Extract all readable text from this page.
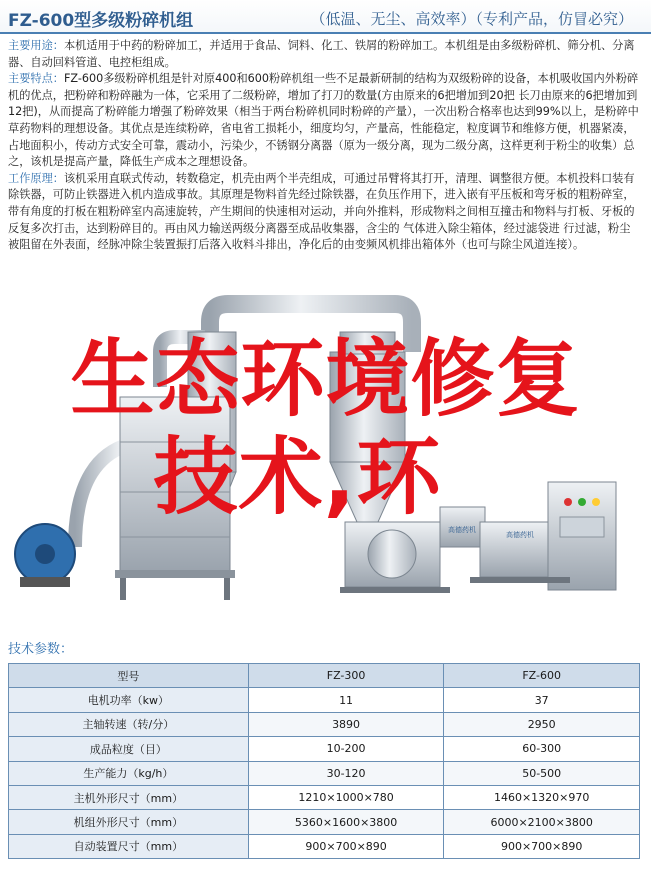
FZ-600型多级粉碎机组	（低温、无尘、高效率）（专利产品，仿冒必究）

主要用途：本机适用于中药的粉碎加工，并适用于食品、饲料、化工、铁屑的粉碎加工。本机组是由多级粉碎机、筛分机、分离器、自动回料管道、电控柜组成。

主要特点：FZ-600多级粉碎机组是针对原400和600粉碎机组一些不足最新研制的结构为双级粉碎的设备，本机吸收国内外粉碎机的优点，把粉碎和粉碎融为一体，它采用了二级粉碎，增加了打刀的数量(方由原来的6把增加到20把 长刀由原来的6把增加到12把)，从而提高了粉碎能力增强了粉碎效果（相当于两台粉碎机同时粉碎的产量），一次出粉合格率也达到99%以上，是粉碎中草药物料的理想设备。其优点是连续粉碎，省电省工损耗小，细度均匀，产量高，性能稳定，粒度调节和维修方便，机器紧凑，占地面积小，传动方式安全可靠，震动小，污染少，不锈钢分离器（原为一级分离，现为二级分离，这样更利于粉尘的收集）总之，该机是提高产量，降低生产成本之理想设备。

工作原理：该机采用直联式传动，转数稳定，机壳由两个半壳组成，可通过吊臂将其打开，清理、调整很方便。本机投料口装有除铁器，可防止铁器进入机内造成事故。其原理是物料首先经过除铁器，在负压作用下，进入嵌有平压板和弯牙板的粗粉碎室，带有角度的打板在粗粉碎室内高速旋转，产生期间的快速相对运动，并向外推料，形成物料之间相互撞击和物料与打板、牙板的反复多次打击，达到粉碎目的。再由风力输送两级分离器至成品收集器，含尘的 气体进入除尘箱体，经过滤袋进 行过滤，粉尘被阻留在外表面，经脉冲除尘装置振打后落入收料斗排出，净化后的由变频风机排出箱体外（也可与除尘风道连接）。

高德药机
高德药机
生态环境修复
技术,环
技术参数：
型号	FZ-300	FZ-600
电机功率（kw）	11	37
主轴转速（转/分）	3890	2950
成品粒度（目）	10-200	60-300
生产能力（kg/h）	30-120	50-500
主机外形尺寸（mm）	1210×1000×780	1460×1320×970
机组外形尺寸（mm）	5360×1600×3800	6000×2100×3800
自动装置尺寸（mm）	900×700×890	900×700×890
